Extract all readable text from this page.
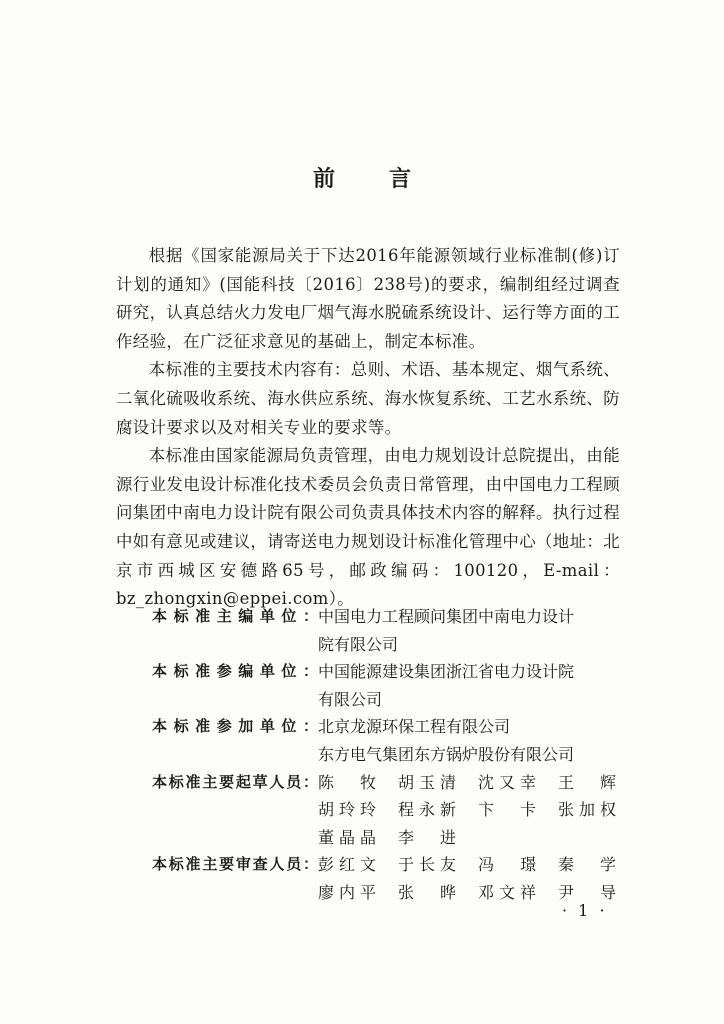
前 言

根据《国家能源局关于下达2016年能源领域行业标准制(修)订计划的通知》(国能科技〔2016〕238号)的要求，编制组经过调查研究，认真总结火力发电厂烟气海水脱硫系统设计、运行等方面的工作经验，在广泛征求意见的基础上，制定本标准。

本标准的主要技术内容有：总则、术语、基本规定、烟气系统、二氧化硫吸收系统、海水供应系统、海水恢复系统、工艺水系统、防腐设计要求以及对相关专业的要求等。

本标准由国家能源局负责管理，由电力规划设计总院提出，由能源行业发电设计标准化技术委员会负责日常管理，由中国电力工程顾问集团中南电力设计院有限公司负责具体技术内容的解释。执行过程中如有意见或建议，请寄送电力规划设计标准化管理中心（地址：北京市西城区安德路65号，邮政编码：100120，E-mail：bz_zhongxin@eppei.com）。

本标准主编单位： 中国电力工程顾问集团中南电力设计
院有限公司
本标准参编单位： 中国能源建设集团浙江省电力设计院
有限公司
本标准参加单位： 北京龙源环保工程有限公司
东方电气集团东方锅炉股份有限公司
本标准主要起草人员： 陈　牧 胡玉清 沈又幸 王　辉
胡玲玲 程永新 卞　卡 张加权
董晶晶 李　进
本标准主要审查人员： 彭红文 于长友 冯　璟 秦　学
廖内平 张　晔 邓文祥 尹　导
· 1 ·
